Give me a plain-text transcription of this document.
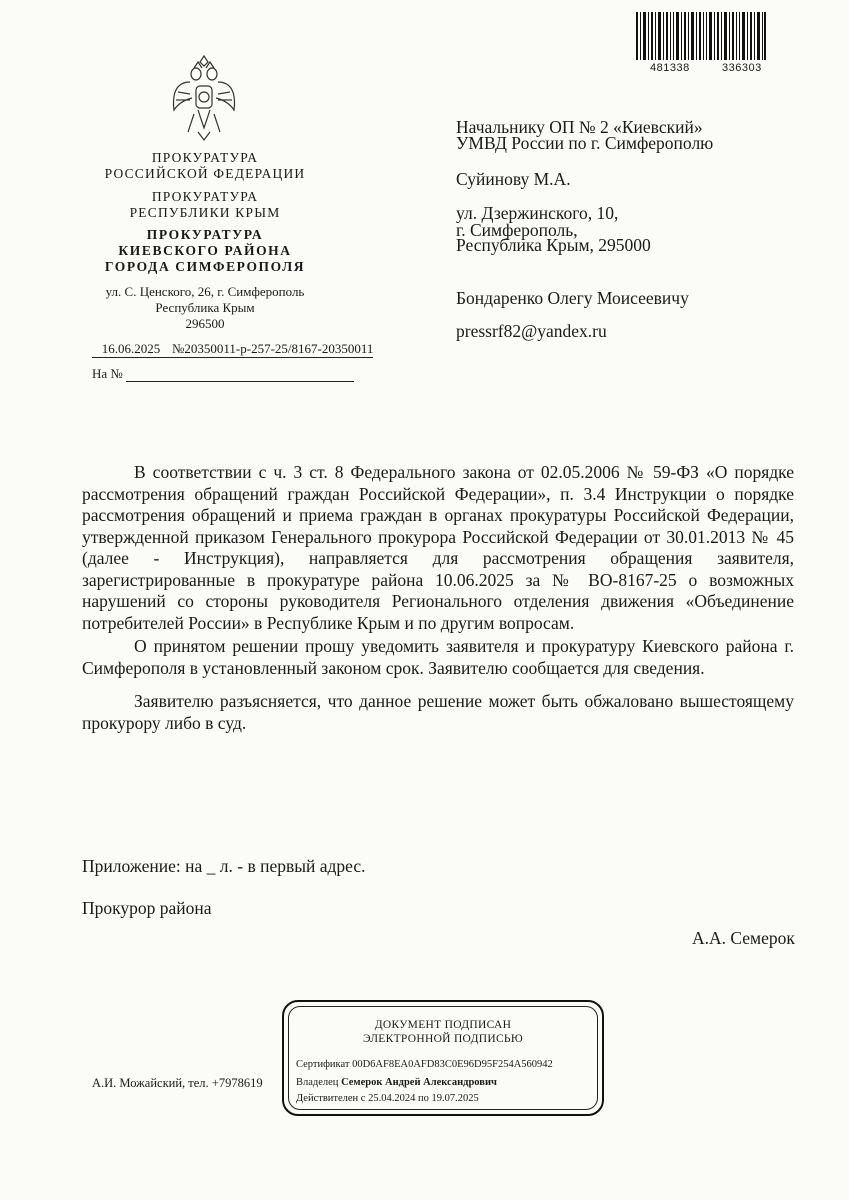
481338	336303
ПРОКУРАТУРА
РОССИЙСКОЙ ФЕДЕРАЦИИ
ПРОКУРАТУРА
РЕСПУБЛИКИ КРЫМ
ПРОКУРАТУРА
КИЕВСКОГО РАЙОНА
ГОРОДА СИМФЕРОПОЛЯ
ул. С. Ценского, 26, г. Симферополь
Республика Крым
296500
16.06.2025 №20350011-р-257-25/8167-20350011
На №
Начальнику ОП № 2 «Киевский»
УМВД России по г. Симферополю
Суйинову М.А.
ул. Дзержинского, 10,
г. Симферополь,
Республика Крым, 295000
Бондаренко Олегу Моисеевичу
pressrf82@yandex.ru

В соответствии с ч. 3 ст. 8 Федерального закона от 02.05.2006 № 59-ФЗ «О порядке рассмотрения обращений граждан Российской Федерации», п. 3.4 Инструкции о порядке рассмотрения обращений и приема граждан в органах прокуратуры Российской Федерации, утвержденной приказом Генерального прокурора Российской Федерации от 30.01.2013 № 45 (далее - Инструкция), направляется для рассмотрения обращения заявителя, зарегистрированные в прокуратуре района 10.06.2025 за № ВО-8167-25 о возможных нарушений со стороны руководителя Регионального отделения движения «Объединение потребителей России» в Республике Крым и по другим вопросам.

О принятом решении прошу уведомить заявителя и прокуратуру Киевского района г. Симферополя в установленный законом срок. Заявителю сообщается для сведения.

Заявителю разъясняется, что данное решение может быть обжаловано вышестоящему прокурору либо в суд.

Приложение: на _ л. - в первый адрес.
Прокурор района
А.А. Семерок
ДОКУМЕНТ ПОДПИСАН
ЭЛЕКТРОННОЙ ПОДПИСЬЮ
Сертификат 00D6AF8EA0AFD83C0E96D95F254A560942
Владелец Семерок Андрей Александрович
Действителен с 25.04.2024 по 19.07.2025
А.И. Можайский, тел. +7978619
